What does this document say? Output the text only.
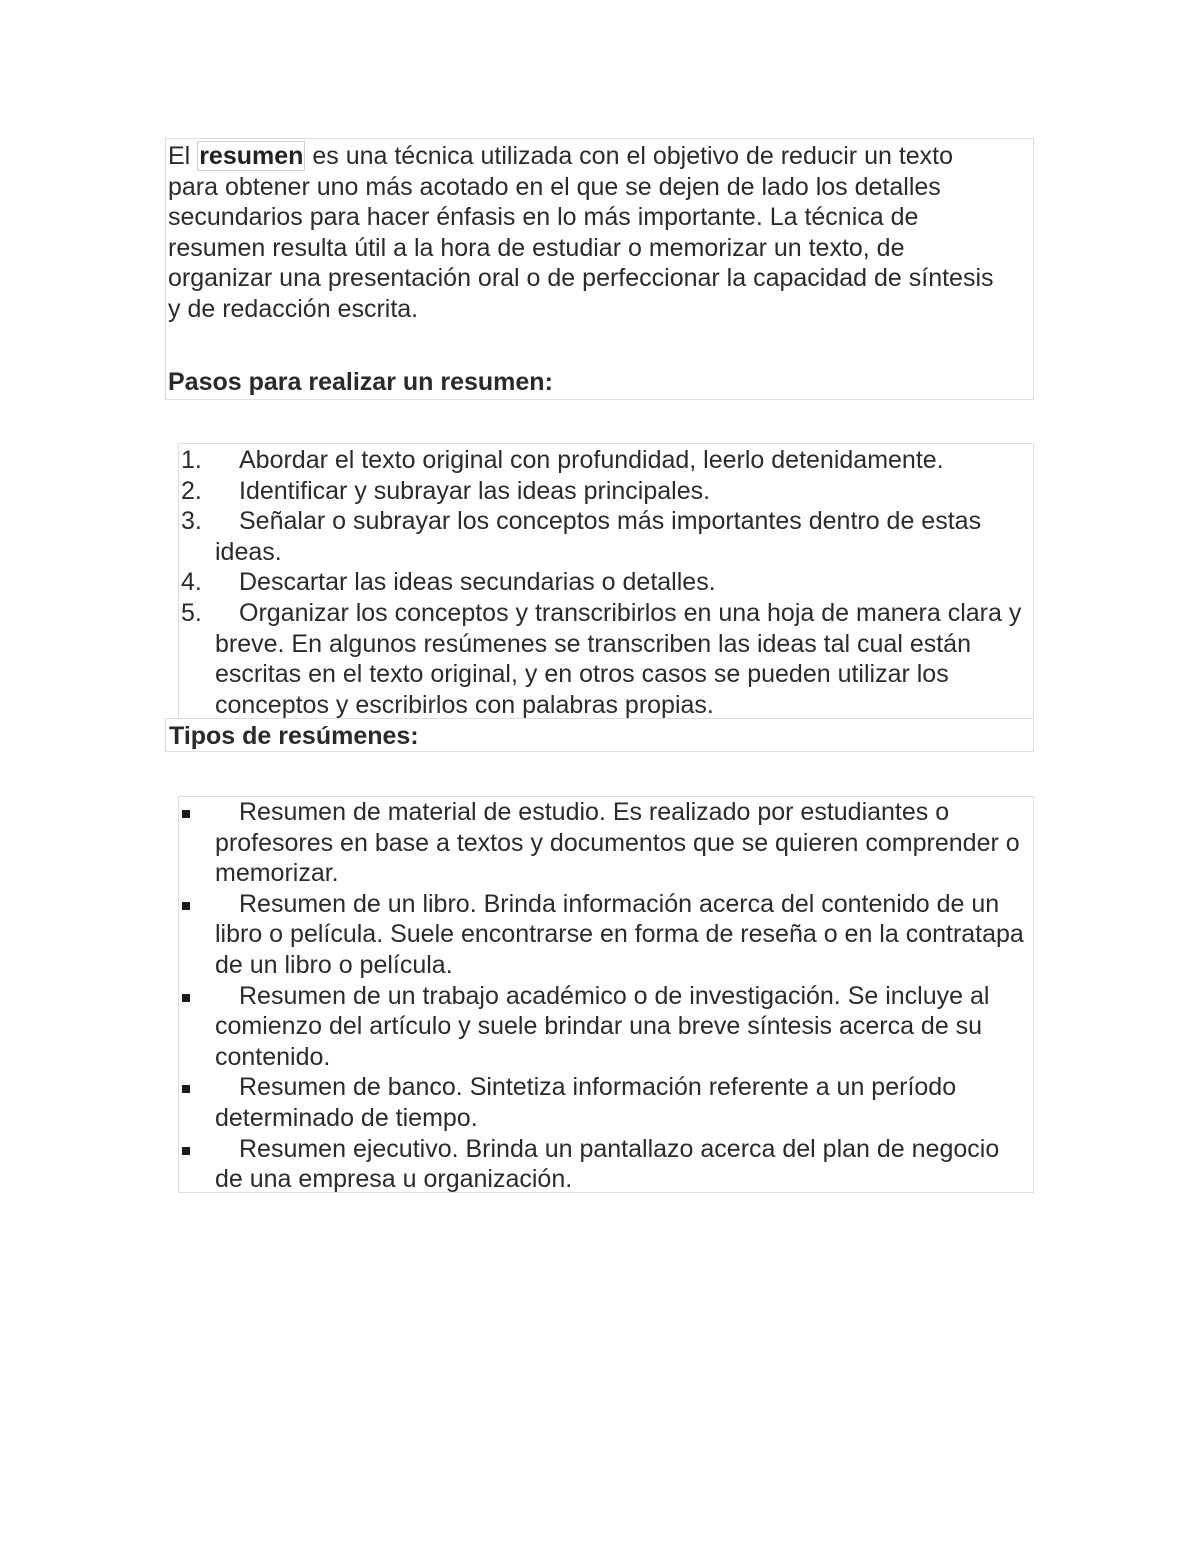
El resumen es una técnica utilizada con el objetivo de reducir un texto para obtener uno más acotado en el que se dejen de lado los detalles secundarios para hacer énfasis en lo más importante. La técnica de resumen resulta útil a la hora de estudiar o memorizar un texto, de organizar una presentación oral o de perfeccionar la capacidad de síntesis y de redacción escrita.

Pasos para realizar un resumen:

1. Abordar el texto original con profundidad, leerlo detenidamente.
2. Identificar y subrayar las ideas principales.
3. Señalar o subrayar los conceptos más importantes dentro de estas ideas.
4. Descartar las ideas secundarias o detalles.
5. Organizar los conceptos y transcribirlos en una hoja de manera clara y breve. En algunos resúmenes se transcriben las ideas tal cual están escritas en el texto original, y en otros casos se pueden utilizar los conceptos y escribirlos con palabras propias.

Tipos de resúmenes:

Resumen de material de estudio. Es realizado por estudiantes o profesores en base a textos y documentos que se quieren comprender o memorizar.
Resumen de un libro. Brinda información acerca del contenido de un libro o película. Suele encontrarse en forma de reseña o en la contratapa de un libro o película.
Resumen de un trabajo académico o de investigación. Se incluye al comienzo del artículo y suele brindar una breve síntesis acerca de su contenido.
Resumen de banco. Sintetiza información referente a un período determinado de tiempo.
Resumen ejecutivo. Brinda un pantallazo acerca del plan de negocio de una empresa u organización.
